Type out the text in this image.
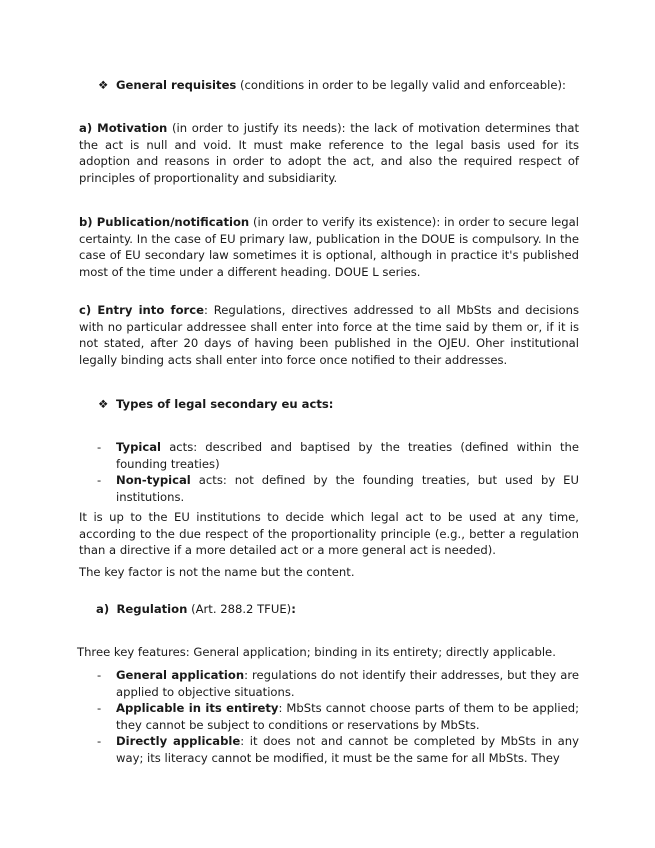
❖ General requisites (conditions in order to be legally valid and enforceable):
a) Motivation (in order to justify its needs): the lack of motivation determines that the act is null and void. It must make reference to the legal basis used for its adoption and reasons in order to adopt the act, and also the required respect of principles of proportionality and subsidiarity.
b) Publication/notification (in order to verify its existence): in order to secure legal certainty. In the case of EU primary law, publication in the DOUE is compulsory. In the case of EU secondary law sometimes it is optional, although in practice it's published most of the time under a different heading. DOUE L series.
c) Entry into force: Regulations, directives addressed to all MbSts and decisions with no particular addressee shall enter into force at the time said by them or, if it is not stated, after 20 days of having been published in the OJEU. Oher institutional legally binding acts shall enter into force once notified to their addresses.
❖ Types of legal secondary eu acts:
- Typical acts: described and baptised by the treaties (defined within the founding treaties)
- Non-typical acts: not defined by the founding treaties, but used by EU institutions.
It is up to the EU institutions to decide which legal act to be used at any time, according to the due respect of the proportionality principle (e.g., better a regulation than a directive if a more detailed act or a more general act is needed).
The key factor is not the name but the content.
a) Regulation (Art. 288.2 TFUE):
Three key features: General application; binding in its entirety; directly applicable.
- General application: regulations do not identify their addresses, but they are applied to objective situations.
- Applicable in its entirety: MbSts cannot choose parts of them to be applied; they cannot be subject to conditions or reservations by MbSts.
- Directly applicable: it does not and cannot be completed by MbSts in any way; its literacy cannot be modified, it must be the same for all MbSts. They
